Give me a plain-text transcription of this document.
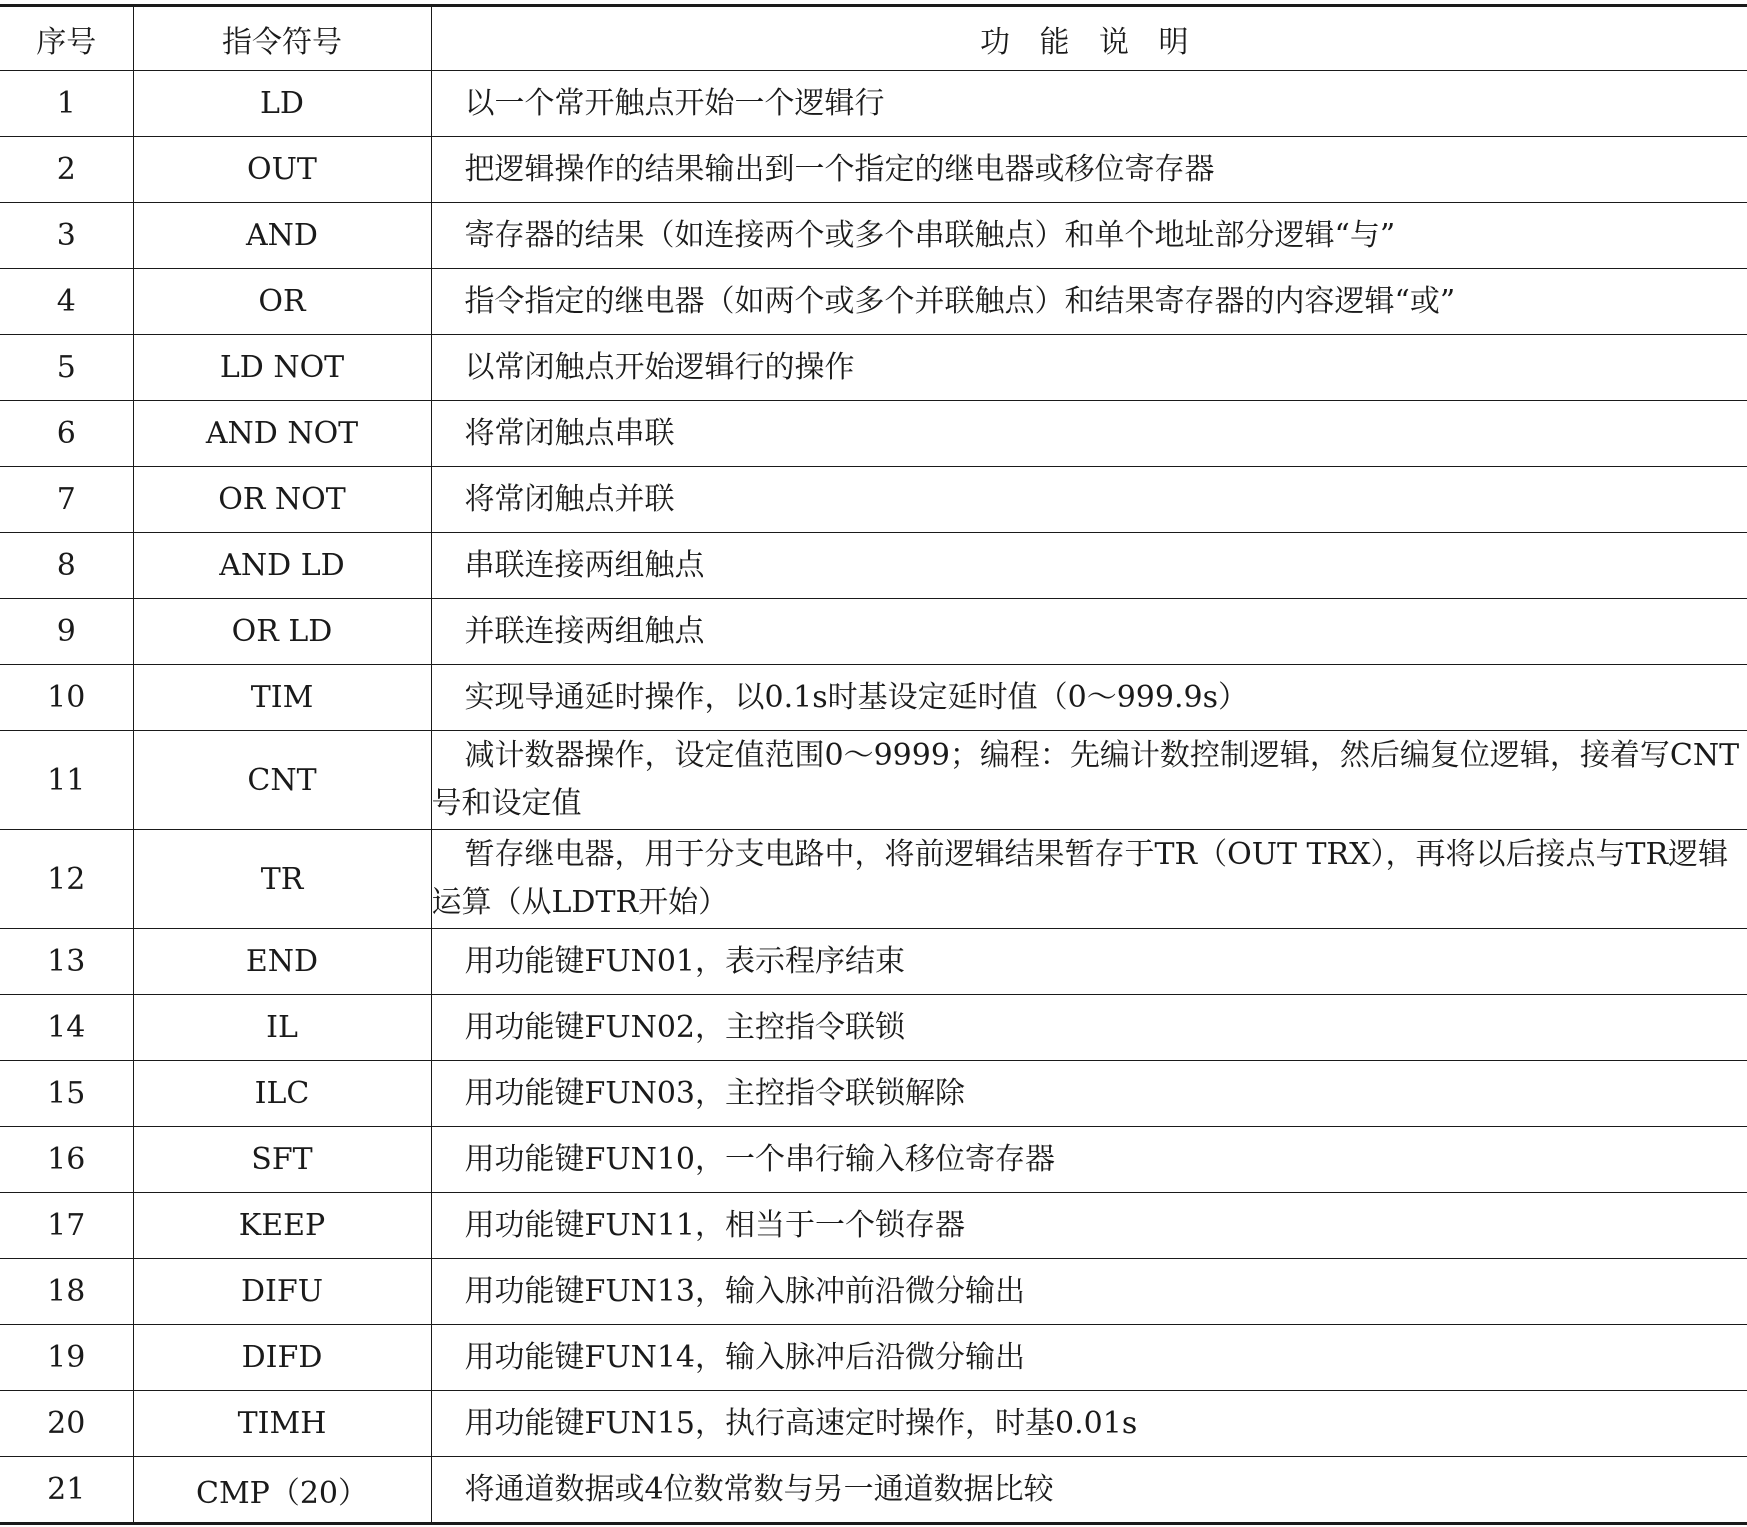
序号	指令符号	功 能 说 明
1	LD	以一个常开触点开始一个逻辑行
2	OUT	把逻辑操作的结果输出到一个指定的继电器或移位寄存器
3	AND	寄存器的结果（如连接两个或多个串联触点）和单个地址部分逻辑“与”
4	OR	指令指定的继电器（如两个或多个并联触点）和结果寄存器的内容逻辑“或”
5	LD NOT	以常闭触点开始逻辑行的操作
6	AND NOT	将常闭触点串联
7	OR NOT	将常闭触点并联
8	AND LD	串联连接两组触点
9	OR LD	并联连接两组触点
10	TIM	实现导通延时操作，以0.1s时基设定延时值（0～999.9s）
11	CNT	减计数器操作，设定值范围0～9999；编程：先编计数控制逻辑，然后编复位逻辑，接着写CNT号和设定值
12	TR	暂存继电器，用于分支电路中，将前逻辑结果暂存于TR（OUT TRX），再将以后接点与TR逻辑运算（从LDTR开始）
13	END	用功能键FUN01，表示程序结束
14	IL	用功能键FUN02，主控指令联锁
15	ILC	用功能键FUN03，主控指令联锁解除
16	SFT	用功能键FUN10，一个串行输入移位寄存器
17	KEEP	用功能键FUN11，相当于一个锁存器
18	DIFU	用功能键FUN13，输入脉冲前沿微分输出
19	DIFD	用功能键FUN14，输入脉冲后沿微分输出
20	TIMH	用功能键FUN15，执行高速定时操作，时基0.01s
21	CMP（20）	将通道数据或4位数常数与另一通道数据比较
